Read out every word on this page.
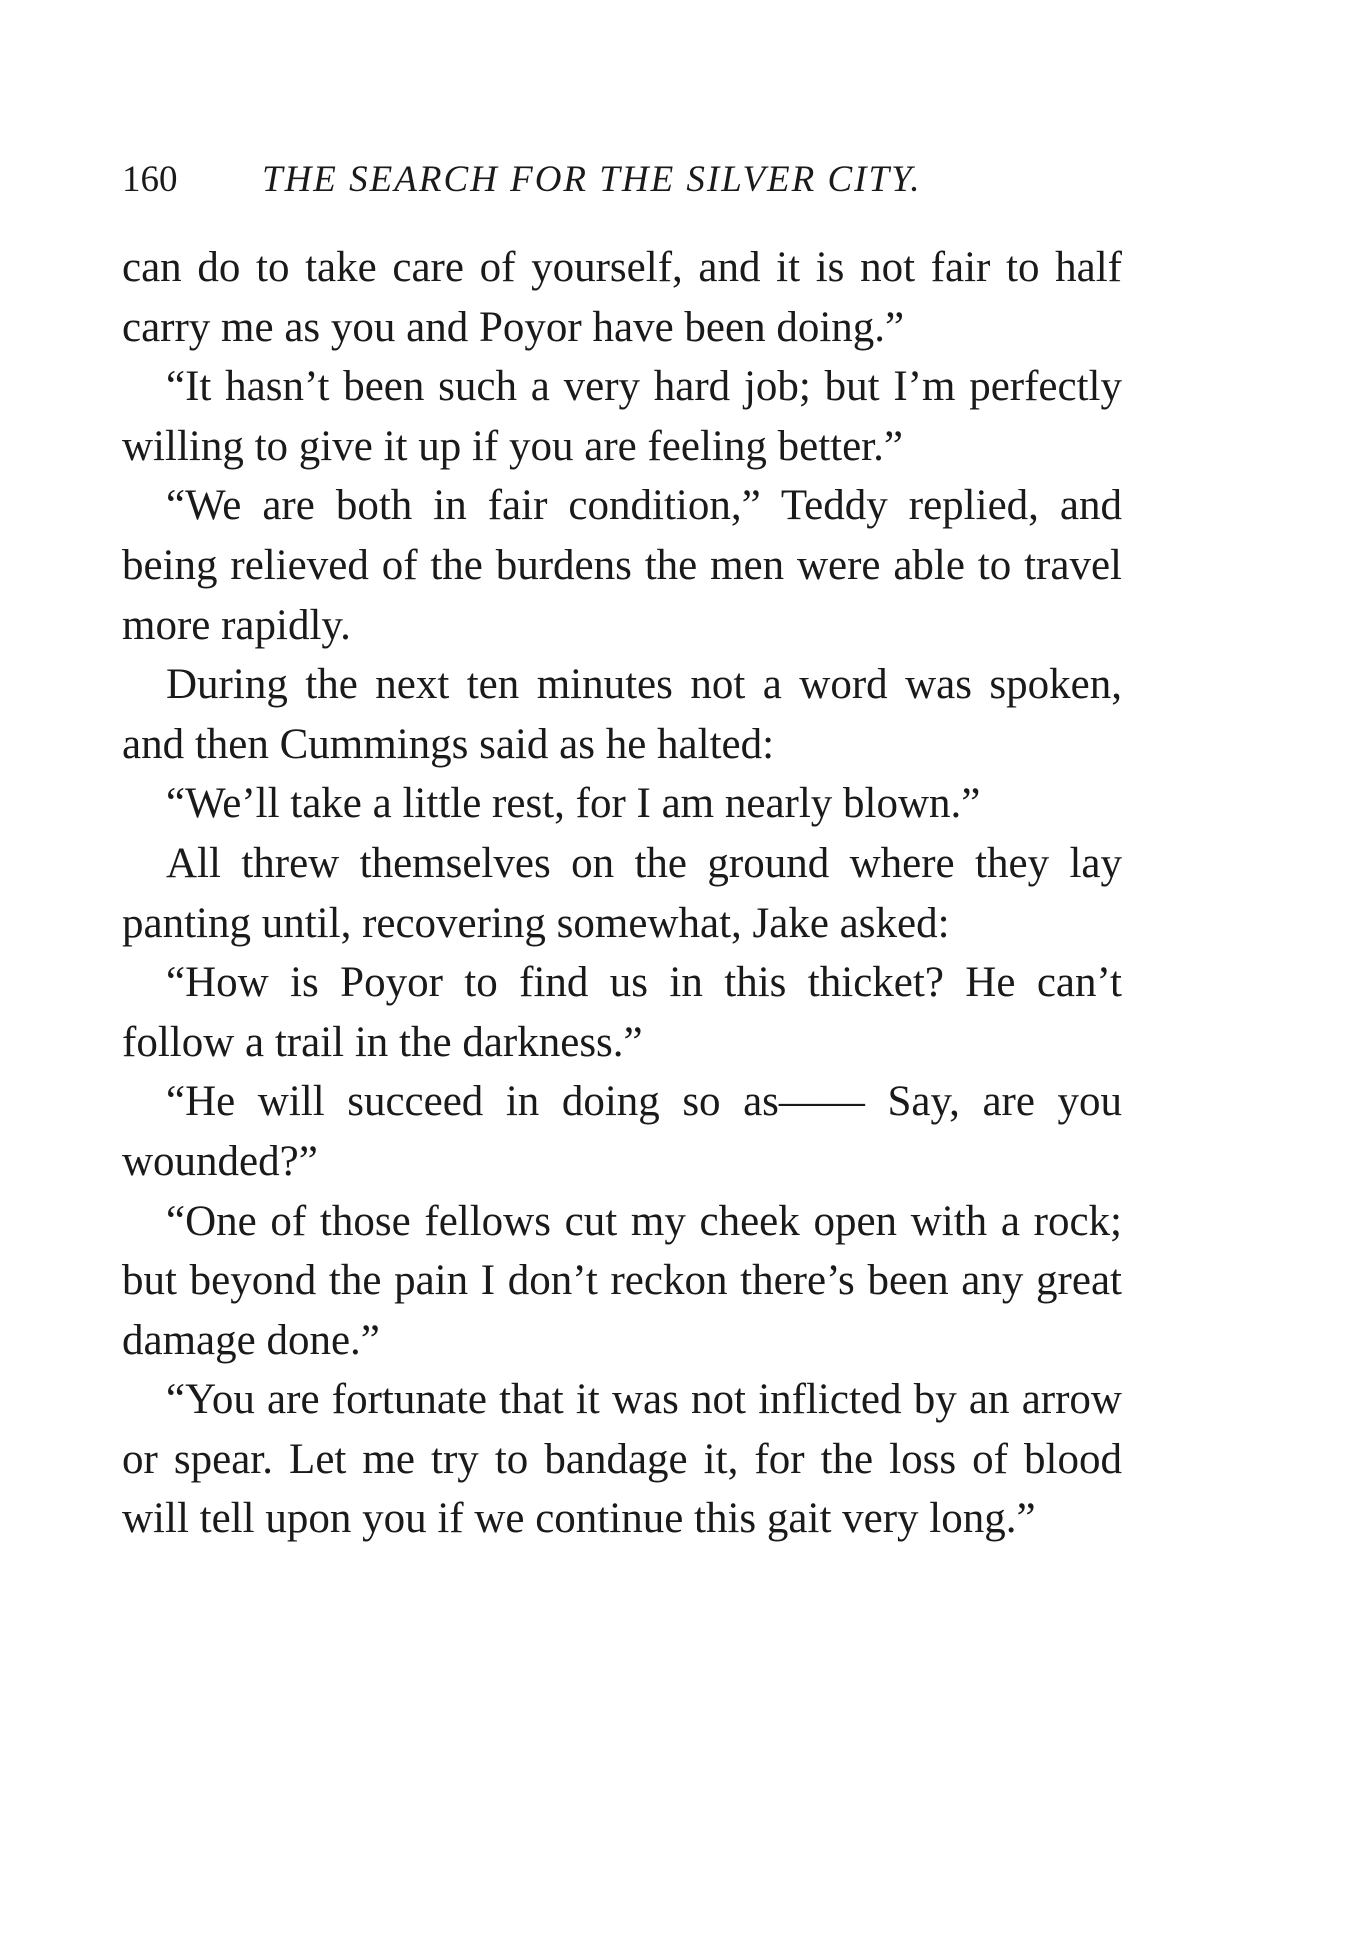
160 THE SEARCH FOR THE SILVER CITY.

can do to take care of yourself, and it is not fair to half carry me as you and Poyor have been doing.”

“It hasn’t been such a very hard job; but I’m perfectly willing to give it up if you are feeling better.”

“We are both in fair condition,” Teddy replied, and being relieved of the burdens the men were able to travel more rapidly.

During the next ten minutes not a word was spoken, and then Cummings said as he halted:

“We’ll take a little rest, for I am nearly blown.”

All threw themselves on the ground where they lay panting until, recovering somewhat, Jake asked:

“How is Poyor to find us in this thicket? He can’t follow a trail in the darkness.”

“He will succeed in doing so as—— Say, are you wounded?”

“One of those fellows cut my cheek open with a rock; but beyond the pain I don’t reckon there’s been any great damage done.”

“You are fortunate that it was not inflicted by an arrow or spear. Let me try to bandage it, for the loss of blood will tell upon you if we continue this gait very long.”
